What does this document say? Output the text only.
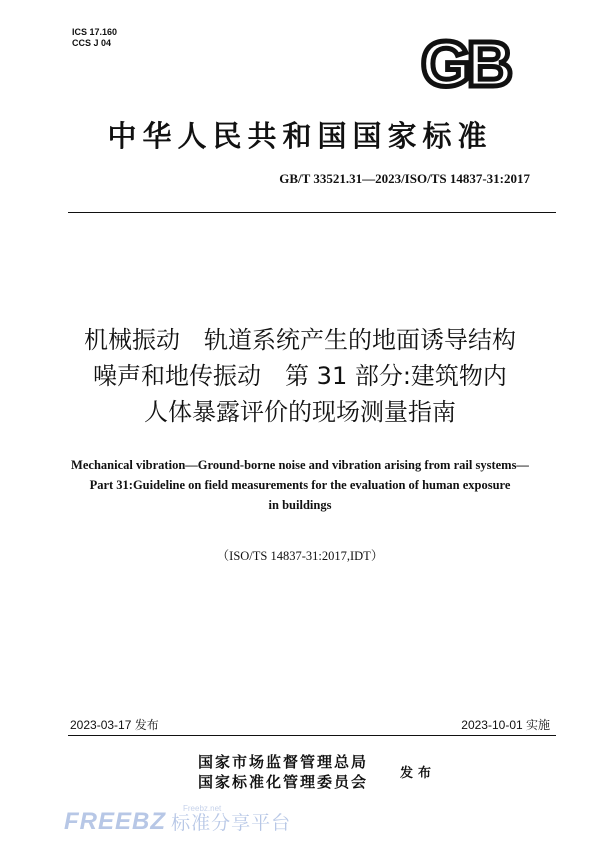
ICS 17.160
CCS J 04	GB
中华人民共和国国家标准
GB/T 33521.31—2023/ISO/TS 14837-31:2017
机械振动　轨道系统产生的地面诱导结构
噪声和地传振动　第 31 部分:建筑物内
人体暴露评价的现场测量指南
Mechanical vibration—Ground-borne noise and vibration arising from rail systems—
Part 31:Guideline on field measurements for the evaluation of human exposure
in buildings
（ISO/TS 14837-31:2017,IDT）
2023-03-17 发布	2023-10-01 实施
国家市场监督管理总局
国家标准化管理委员会 发布
Freebz.net
FREEBZ 标准分享平台
